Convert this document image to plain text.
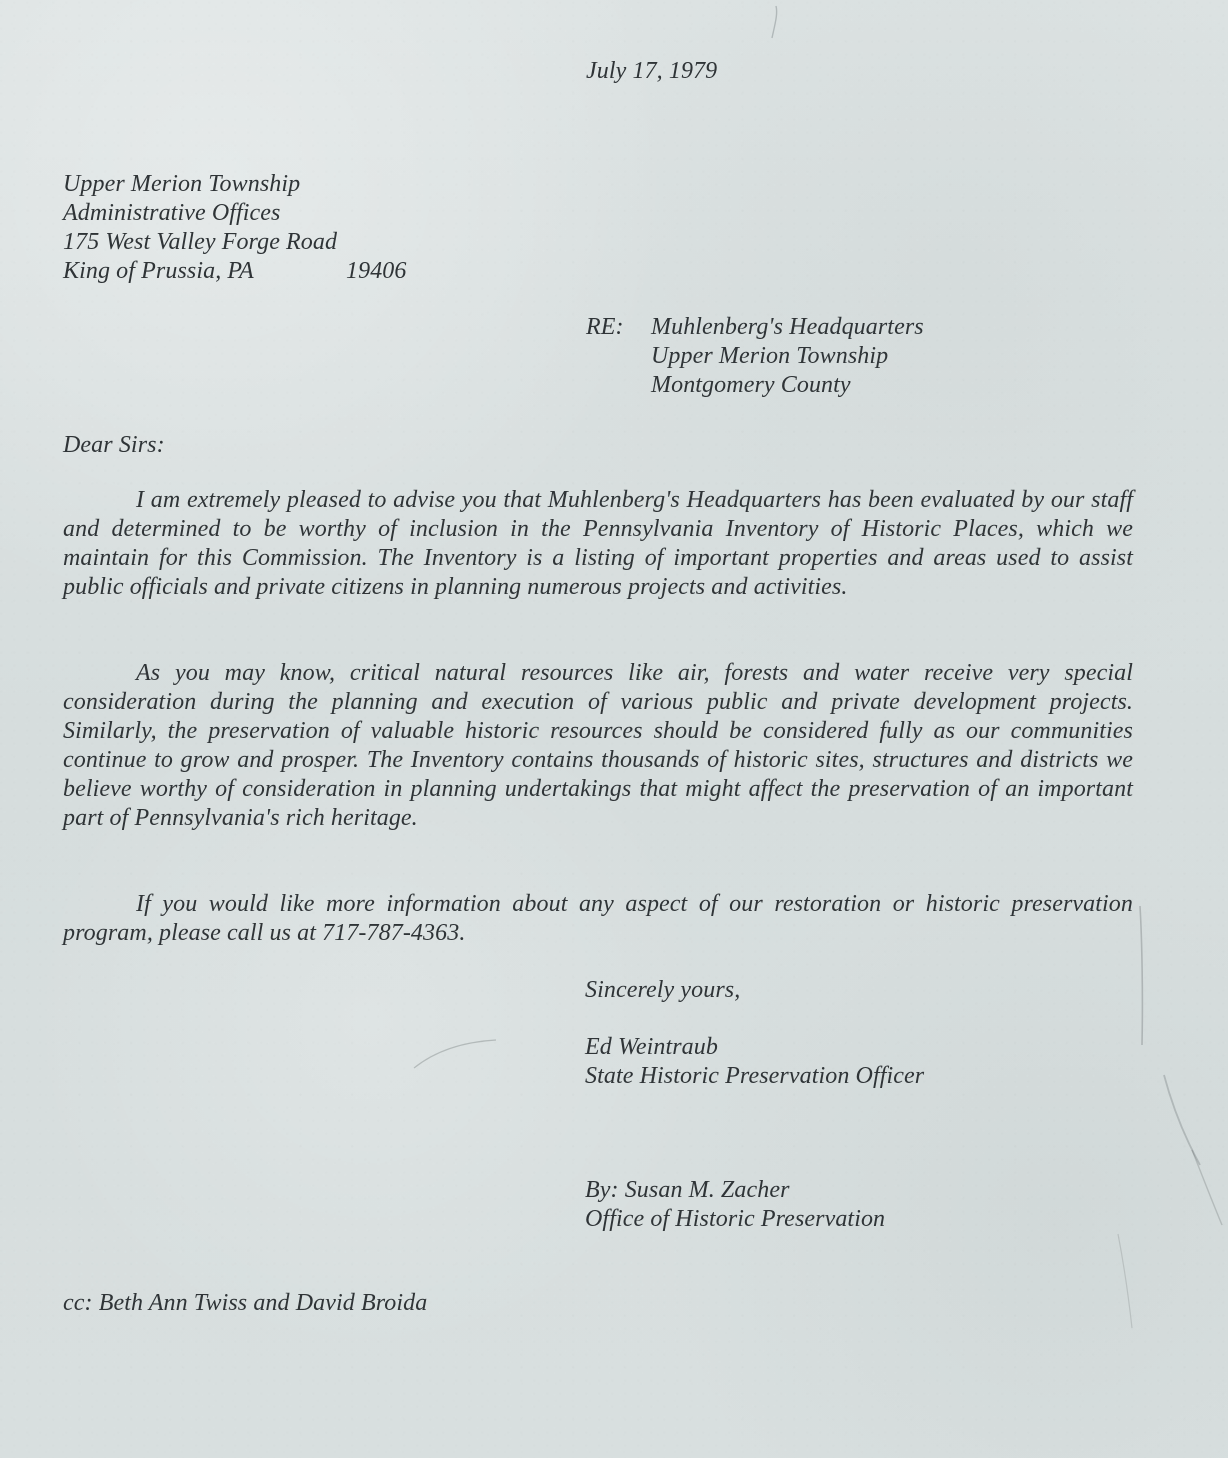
July 17, 1979

Upper Merion Township

Administrative Offices

175 West Valley Forge Road

King of Prussia, PA	19406

RE: Muhlenberg's Headquarters

Upper Merion Township

Montgomery County

Dear Sirs:

I am extremely pleased to advise you that Muhlenberg's Headquarters has been evaluated by our staff and determined to be worthy of inclusion in the Pennsylvania Inventory of Historic Places, which we maintain for this Commission. The Inventory is a listing of important properties and areas used to assist public officials and private citizens in planning numerous projects and activities.

As you may know, critical natural resources like air, forests and water receive very special consideration during the planning and execution of various public and private development projects. Similarly, the preservation of valuable historic resources should be considered fully as our communities continue to grow and prosper. The Inventory contains thousands of historic sites, structures and districts we believe worthy of consideration in planning undertakings that might affect the preservation of an important part of Pennsylvania's rich heritage.

If you would like more information about any aspect of our restoration or historic preservation program, please call us at 717-787-4363.

Sincerely yours,

Ed Weintraub

State Historic Preservation Officer

By: Susan M. Zacher

Office of Historic Preservation

cc: Beth Ann Twiss and David Broida
